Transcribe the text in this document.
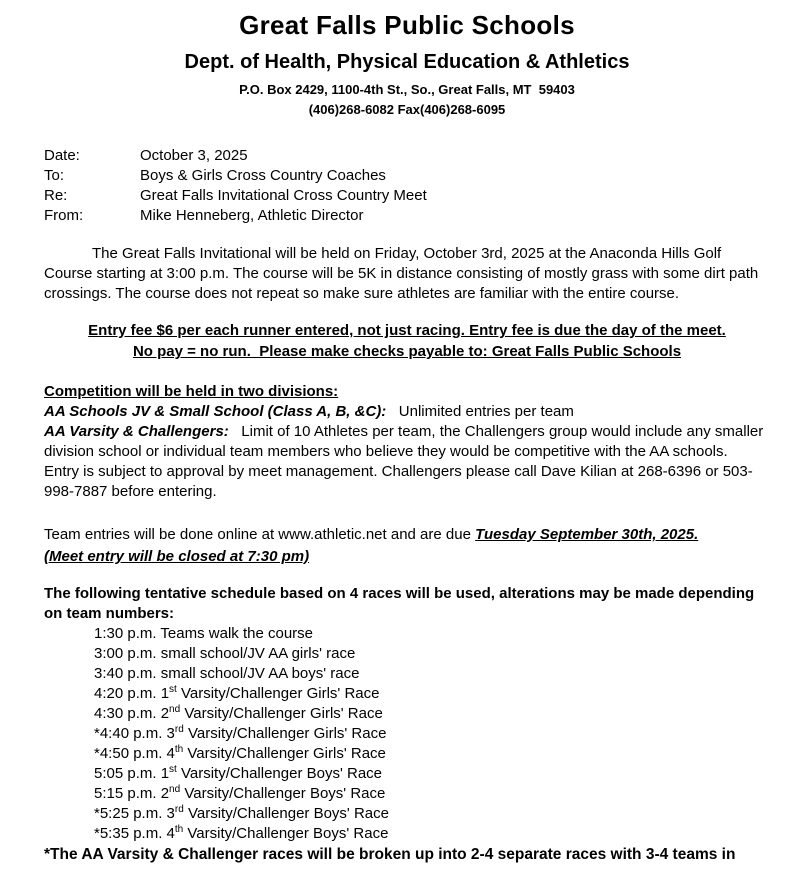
Great Falls Public Schools
Dept. of Health, Physical Education & Athletics
P.O. Box 2429, 1100-4th St., So., Great Falls, MT  59403
(406)268-6082 Fax(406)268-6095
Date:	October 3, 2025
To:	Boys & Girls Cross Country Coaches
Re:	Great Falls Invitational Cross Country Meet
From:	Mike Henneberg, Athletic Director

The Great Falls Invitational will be held on Friday, October 3rd, 2025 at the Anaconda Hills Golf Course starting at 3:00 p.m. The course will be 5K in distance consisting of mostly grass with some dirt path crossings. The course does not repeat so make sure athletes are familiar with the entire course.

Entry fee $6 per each runner entered, not just racing. Entry fee is due the day of the meet.
No pay = no run.  Please make checks payable to: Great Falls Public Schools
Competition will be held in two divisions:

AA Schools JV & Small School (Class A, B, &C):   Unlimited entries per team

AA Varsity & Challengers:   Limit of 10 Athletes per team, the Challengers group would include any smaller division school or individual team members who believe they would be competitive with the AA schools.  Entry is subject to approval by meet management. Challengers please call Dave Kilian at 268-6396 or 503-998-7887 before entering.

Team entries will be done online at www.athletic.net and are due Tuesday September 30th, 2025.

(Meet entry will be closed at 7:30 pm)

The following tentative schedule based on 4 races will be used, alterations may be made depending on team numbers:

1:30 p.m. Teams walk the course
3:00 p.m. small school/JV AA girls' race
3:40 p.m. small school/JV AA boys' race
4:20 p.m. 1st Varsity/Challenger Girls' Race
4:30 p.m. 2nd Varsity/Challenger Girls' Race
*4:40 p.m. 3rd Varsity/Challenger Girls' Race
*4:50 p.m. 4th Varsity/Challenger Girls' Race
5:05 p.m. 1st Varsity/Challenger Boys' Race
5:15 p.m. 2nd Varsity/Challenger Boys' Race
*5:25 p.m. 3rd Varsity/Challenger Boys' Race
*5:35 p.m. 4th Varsity/Challenger Boys' Race

*The AA Varsity & Challenger races will be broken up into 2-4 separate races with 3-4 teams in
